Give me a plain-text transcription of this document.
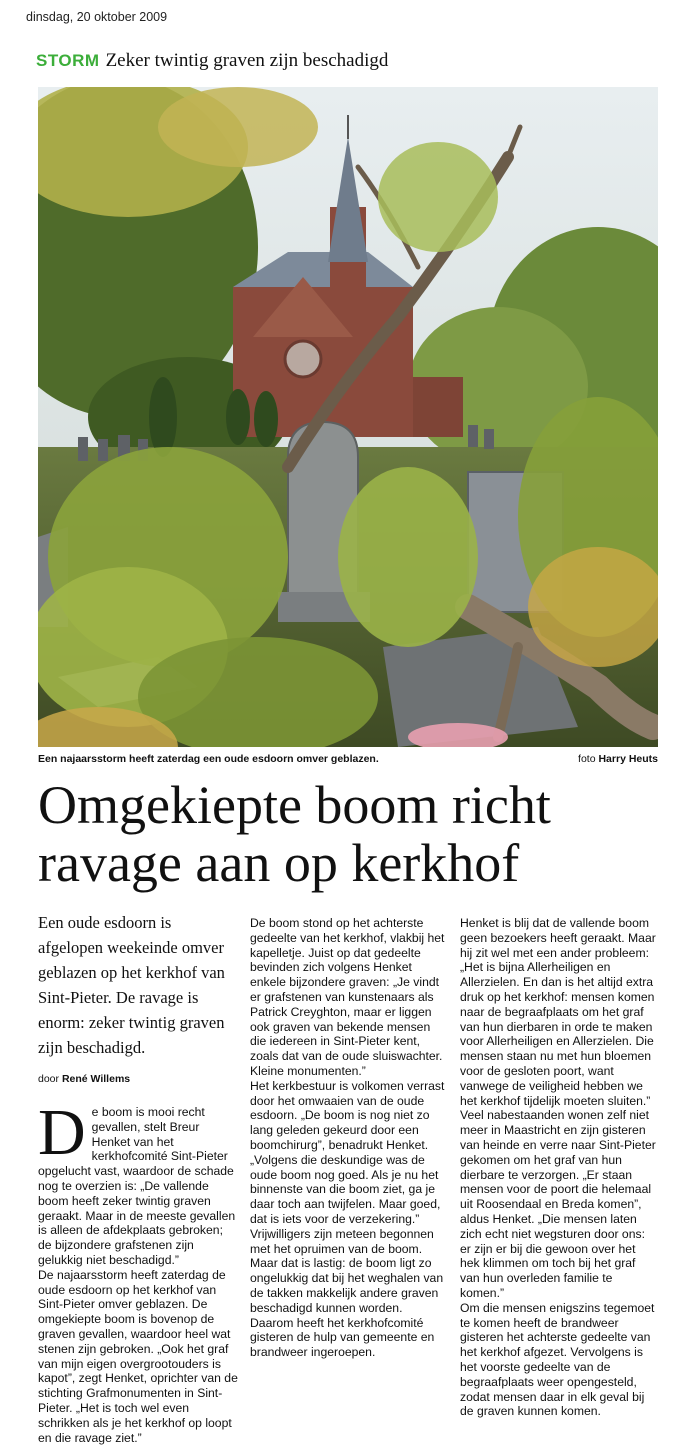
dinsdag, 20 oktober 2009
STORM Zeker twintig graven zijn beschadigd
Een najaarsstorm heeft zaterdag een oude esdoorn omver geblazen.	foto Harry Heuts
Omgekiepte boom richt
ravage aan op kerkhof
Een oude esdoorn is afgelopen weekeinde omver geblazen op het kerkhof van Sint-Pieter. De ravage is enorm: zeker twintig graven zijn beschadigd.
door René Willems
D e boom is mooi recht gevallen, stelt Breur Henket van het kerkhofcomité Sint-Pieter opgelucht vast, waardoor de schade nog te overzien is: „De vallende boom heeft zeker twintig graven geraakt. Maar in de meeste gevallen is alleen de afdekplaats gebroken; de bijzondere grafstenen zijn gelukkig niet beschadigd.”

De najaarsstorm heeft zaterdag de oude esdoorn op het kerkhof van Sint-Pieter omver geblazen. De omgekiepte boom is bovenop de graven gevallen, waardoor heel wat stenen zijn gebroken. „Ook het graf van mijn eigen overgrootouders is kapot”, zegt Henket, oprichter van de stichting Grafmonumenten in Sint-Pieter. „Het is toch wel even schrikken als je het kerkhof op loopt en die ravage ziet.”

De boom stond op het achterste gedeelte van het kerkhof, vlakbij het kapelletje. Juist op dat gedeelte bevinden zich volgens Henket enkele bijzondere graven: „Je vindt er grafstenen van kunstenaars als Patrick Creyghton, maar er liggen ook graven van bekende mensen die iedereen in Sint-Pieter kent, zoals dat van de oude sluiswachter. Kleine monumenten.”

Het kerkbestuur is volkomen verrast door het omwaaien van de oude esdoorn. „De boom is nog niet zo lang geleden gekeurd door een boomchirurg”, benadrukt Henket. „Volgens die deskundige was de oude boom nog goed. Als je nu het binnenste van die boom ziet, ga je daar toch aan twijfelen. Maar goed, dat is iets voor de verzekering.”

Vrijwilligers zijn meteen begonnen met het opruimen van de boom. Maar dat is lastig: de boom ligt zo ongelukkig dat bij het weghalen van de takken makkelijk andere graven beschadigd kunnen worden. Daarom heeft het kerkhofcomité gisteren de hulp van gemeente en brandweer ingeroepen.

Henket is blij dat de vallende boom geen bezoekers heeft geraakt. Maar hij zit wel met een ander probleem: „Het is bijna Allerheiligen en Allerzielen. En dan is het altijd extra druk op het kerkhof: mensen komen naar de begraafplaats om het graf van hun dierbaren in orde te maken voor Allerheiligen en Allerzielen. Die mensen staan nu met hun bloemen voor de gesloten poort, want vanwege de veiligheid hebben we het kerkhof tijdelijk moeten sluiten.”

Veel nabestaanden wonen zelf niet meer in Maastricht en zijn gisteren van heinde en verre naar Sint-Pieter gekomen om het graf van hun dierbare te verzorgen. „Er staan mensen voor de poort die helemaal uit Roosendaal en Breda komen”, aldus Henket. „Die mensen laten zich echt niet wegsturen door ons: er zijn er bij die gewoon over het hek klimmen om toch bij het graf van hun overleden familie te komen.”

Om die mensen enigszins tegemoet te komen heeft de brandweer gisteren het achterste gedeelte van het kerkhof afgezet. Vervolgens is het voorste gedeelte van de begraafplaats weer opengesteld, zodat mensen daar in elk geval bij de graven kunnen komen.
